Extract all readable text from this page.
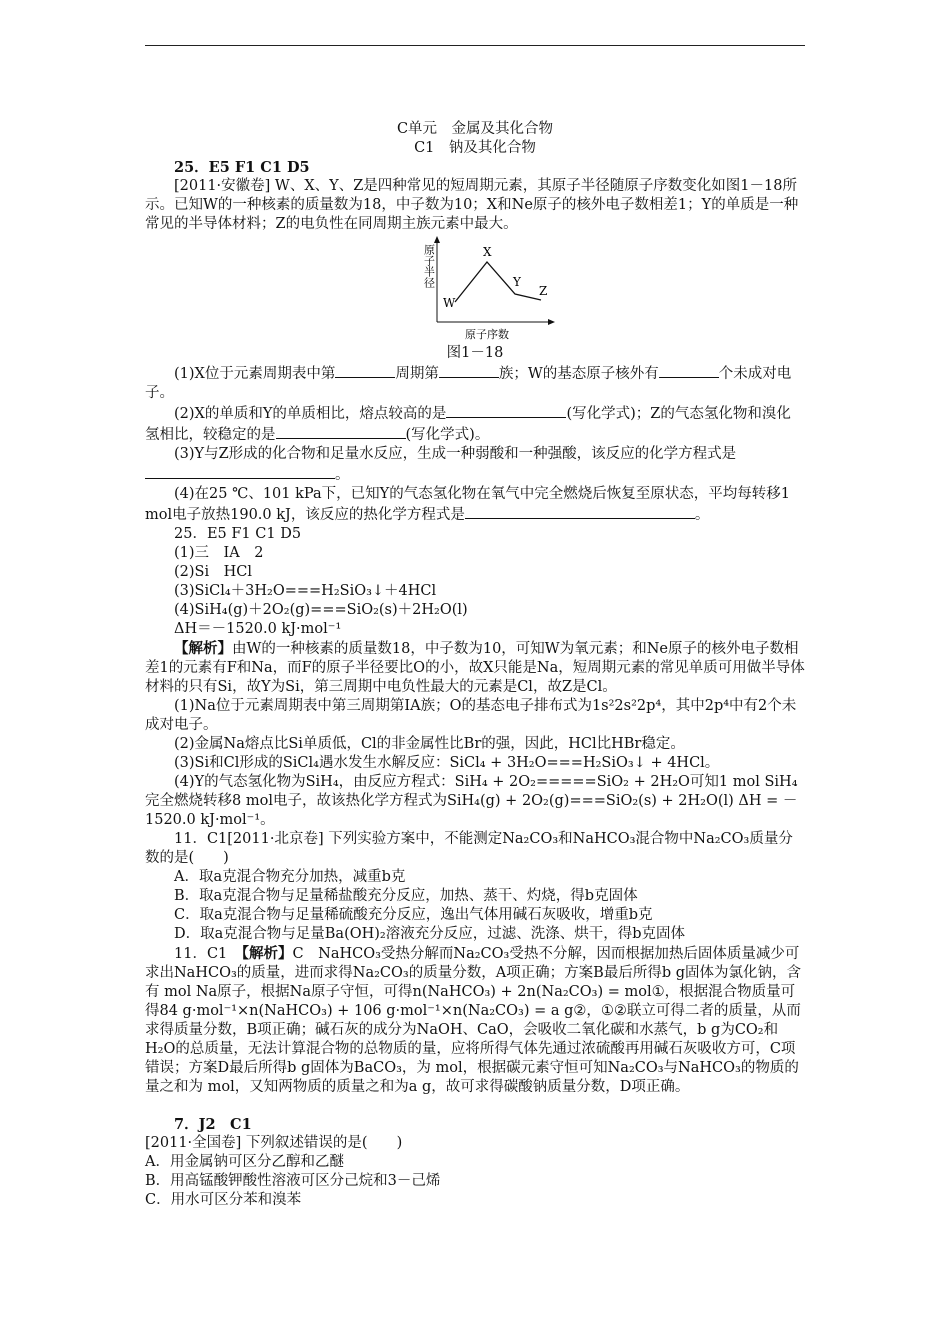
C单元　金属及其化合物

C1　钠及其化合物

25．E5 F1 C1 D5

[2011·安徽卷] W、X、Y、Z是四种常见的短周期元素，其原子半径随原子序数变化如图1－18所示。已知W的一种核素的质量数为18，中子数为10；X和Ne原子的核外电子数相差1；Y的单质是一种常见的半导体材料；Z的电负性在同周期主族元素中最大。

原子半径
W
X
Y
Z
原子序数

图1－18

(1)X位于元素周期表中第	周期第	族；W的基态原子核外有	个未成对电子。

(2)X的单质和Y的单质相比，熔点较高的是	(写化学式)；Z的气态氢化物和溴化氢相比，较稳定的是	(写化学式)。

(3)Y与Z形成的化合物和足量水反应，生成一种弱酸和一种强酸，该反应的化学方程式是。

(4)在25 ℃、101 kPa下，已知Y的气态氢化物在氧气中完全燃烧后恢复至原状态，平均每转移1 mol电子放热190.0 kJ，该反应的热化学方程式是	。

25．E5 F1 C1 D5

(1)三　ⅠA　2

(2)Si　HCl

(3)SiCl₄＋3H₂O===H₂SiO₃↓＋4HCl

(4)SiH₄(g)＋2O₂(g)===SiO₂(s)＋2H₂O(l)

ΔH＝－1520.0 kJ·mol⁻¹

【解析】由W的一种核素的质量数18，中子数为10，可知W为氧元素；和Ne原子的核外电子数相差1的元素有F和Na，而F的原子半径要比O的小，故X只能是Na，短周期元素的常见单质可用做半导体材料的只有Si，故Y为Si，第三周期中电负性最大的元素是Cl，故Z是Cl。

(1)Na位于元素周期表中第三周期第IA族；O的基态电子排布式为1s²2s²2p⁴，其中2p⁴中有2个未成对电子。

(2)金属Na熔点比Si单质低，Cl的非金属性比Br的强，因此，HCl比HBr稳定。

(3)Si和Cl形成的SiCl₄遇水发生水解反应：SiCl₄ + 3H₂O===H₂SiO₃↓ + 4HCl。

(4)Y的气态氢化物为SiH₄，由反应方程式：SiH₄ + 2O₂=====SiO₂ + 2H₂O可知1 mol SiH₄完全燃烧转移8 mol电子，故该热化学方程式为SiH₄(g) + 2O₂(g)===SiO₂(s) + 2H₂O(l) ΔH = －1520.0 kJ·mol⁻¹。

11．C1[2011·北京卷] 下列实验方案中，不能测定Na₂CO₃和NaHCO₃混合物中Na₂CO₃质量分数的是(　　)

A．取a克混合物充分加热，减重b克

B．取a克混合物与足量稀盐酸充分反应，加热、蒸干、灼烧，得b克固体

C．取a克混合物与足量稀硫酸充分反应，逸出气体用碱石灰吸收，增重b克

D．取a克混合物与足量Ba(OH)₂溶液充分反应，过滤、洗涤、烘干，得b克固体

11．C1　【解析】C　NaHCO₃受热分解而Na₂CO₃受热不分解，因而根据加热后固体质量减少可求出NaHCO₃的质量，进而求得Na₂CO₃的质量分数，A项正确；方案B最后所得b g固体为氯化钠，含有 mol Na原子，根据Na原子守恒，可得n(NaHCO₃) + 2n(Na₂CO₃) = mol①，根据混合物质量可得84 g·mol⁻¹×n(NaHCO₃) + 106 g·mol⁻¹×n(Na₂CO₃) = a g②，①②联立可得二者的质量，从而求得质量分数，B项正确；碱石灰的成分为NaOH、CaO，会吸收二氧化碳和水蒸气，b g为CO₂和H₂O的总质量，无法计算混合物的总物质的量，应将所得气体先通过浓硫酸再用碱石灰吸收方可，C项错误；方案D最后所得b g固体为BaCO₃，为 mol，根据碳元素守恒可知Na₂CO₃与NaHCO₃的物质的量之和为 mol，又知两物质的质量之和为a g，故可求得碳酸钠质量分数，D项正确。

7．J2　C1

[2011·全国卷] 下列叙述错误的是(　　)

A．用金属钠可区分乙醇和乙醚

B．用高锰酸钾酸性溶液可区分己烷和3－己烯

C．用水可区分苯和溴苯
